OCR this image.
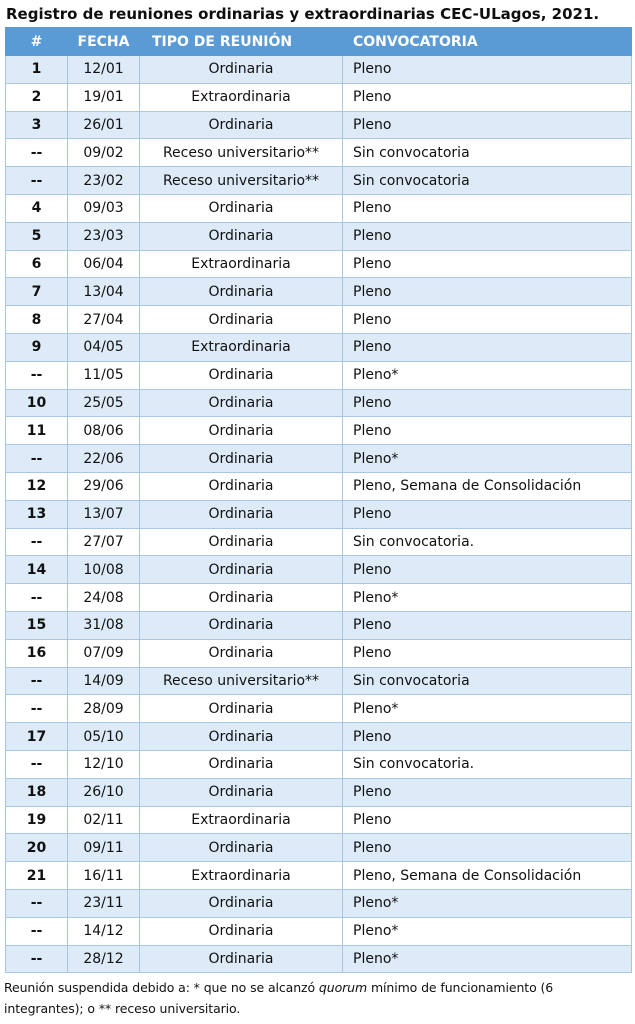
Registro de reuniones ordinarias y extraordinarias CEC-ULagos, 2021.
#	FECHA	TIPO DE REUNIÓN	CONVOCATORIA
1	12/01	Ordinaria	Pleno
2	19/01	Extraordinaria	Pleno
3	26/01	Ordinaria	Pleno
--	09/02	Receso universitario**	Sin convocatoria
--	23/02	Receso universitario**	Sin convocatoria
4	09/03	Ordinaria	Pleno
5	23/03	Ordinaria	Pleno
6	06/04	Extraordinaria	Pleno
7	13/04	Ordinaria	Pleno
8	27/04	Ordinaria	Pleno
9	04/05	Extraordinaria	Pleno
--	11/05	Ordinaria	Pleno*
10	25/05	Ordinaria	Pleno
11	08/06	Ordinaria	Pleno
--	22/06	Ordinaria	Pleno*
12	29/06	Ordinaria	Pleno, Semana de Consolidación
13	13/07	Ordinaria	Pleno
--	27/07	Ordinaria	Sin convocatoria.
14	10/08	Ordinaria	Pleno
--	24/08	Ordinaria	Pleno*
15	31/08	Ordinaria	Pleno
16	07/09	Ordinaria	Pleno
--	14/09	Receso universitario**	Sin convocatoria
--	28/09	Ordinaria	Pleno*
17	05/10	Ordinaria	Pleno
--	12/10	Ordinaria	Sin convocatoria.
18	26/10	Ordinaria	Pleno
19	02/11	Extraordinaria	Pleno
20	09/11	Ordinaria	Pleno
21	16/11	Extraordinaria	Pleno, Semana de Consolidación
--	23/11	Ordinaria	Pleno*
--	14/12	Ordinaria	Pleno*
--	28/12	Ordinaria	Pleno*
Reunión suspendida debido a: * que no se alcanzó quorum mínimo de funcionamiento (6 integrantes); o ** receso universitario.
